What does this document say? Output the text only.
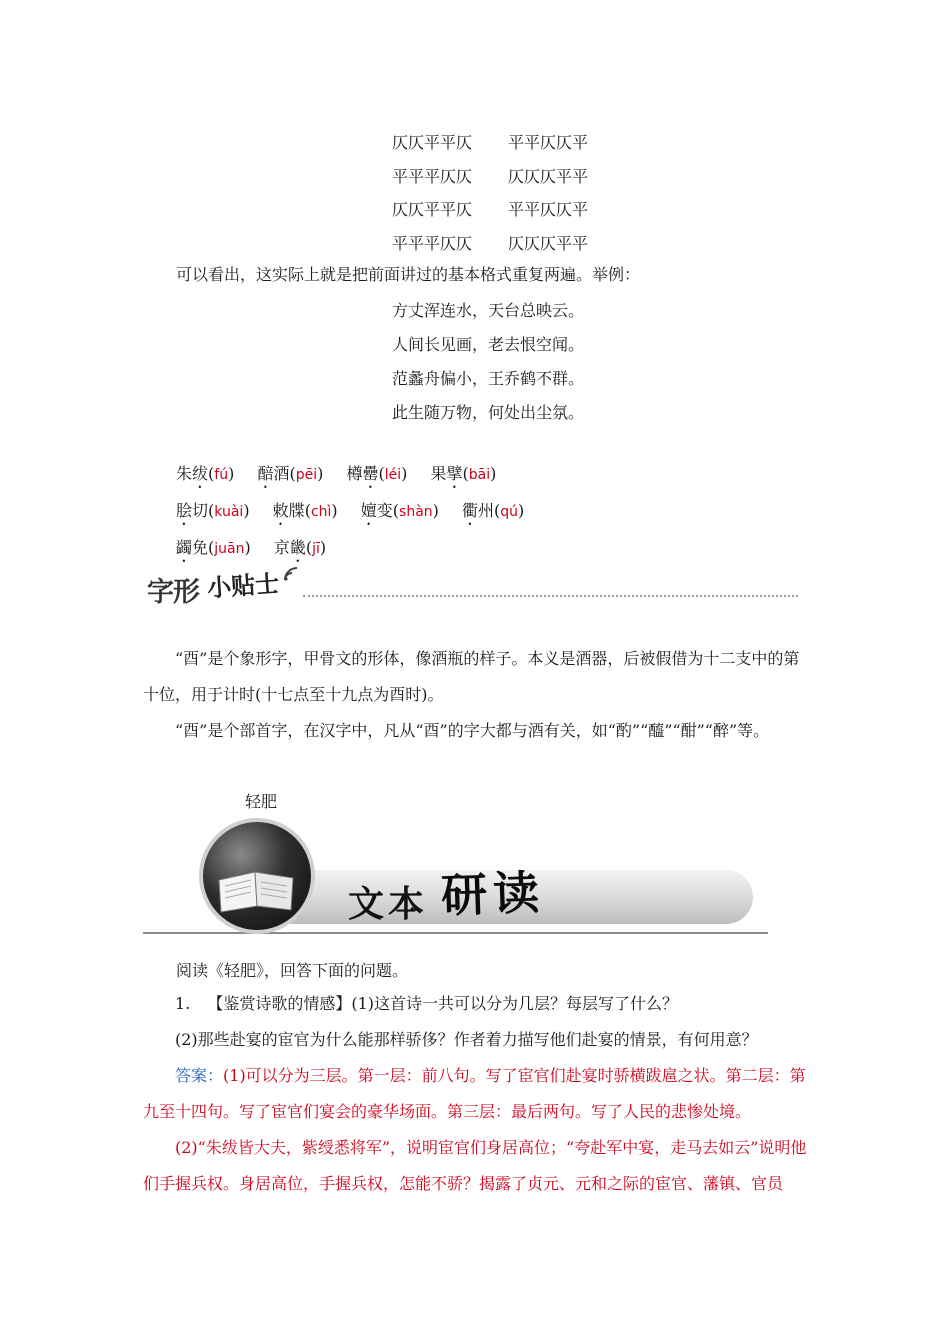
仄仄平平仄 平平仄仄平
平平平仄仄 仄仄仄平平
仄仄平平仄 平平仄仄平
平平平仄仄 仄仄仄平平
可以看出，这实际上就是把前面讲过的基本格式重复两遍。举例：
方丈浑连水，天台总映云。
人间长见画，老去恨空闻。
范蠡舟偏小，王乔鹤不群。
此生随万物，何处出尘氛。
朱绂(fú) 醅酒(pēi) 樽罍(léi) 果擘(bāi)
脍切(kuài) 敕牒(chì) 嬗变(shàn) 衢州(qú)
蠲免(juān) 京畿(jī)
字形 小贴士
“酉”是个象形字，甲骨文的形体，像酒瓶的样子。本义是酒器，后被假借为十二支中的第十位，用于计时(十七点至十九点为酉时)。
“酉”是个部首字，在汉字中，凡从“酉”的字大都与酒有关，如“酌”“醯”“酣”“醉”等。
轻肥
文本 研读
阅读《轻肥》，回答下面的问题。
1. 【鉴赏诗歌的情感】(1)这首诗一共可以分为几层？每层写了什么？
(2)那些赴宴的宦官为什么能那样骄侈？作者着力描写他们赴宴的情景，有何用意？
答案：(1)可以分为三层。第一层：前八句。写了宦官们赴宴时骄横跋扈之状。第二层：第九至十四句。写了宦官们宴会的豪华场面。第三层：最后两句。写了人民的悲惨处境。
(2)“朱绂皆大夫，紫绶悉将军”，说明宦官们身居高位；“夸赴军中宴，走马去如云”说明他们手握兵权。身居高位，手握兵权，怎能不骄？揭露了贞元、元和之际的宦官、藩镇、官员
